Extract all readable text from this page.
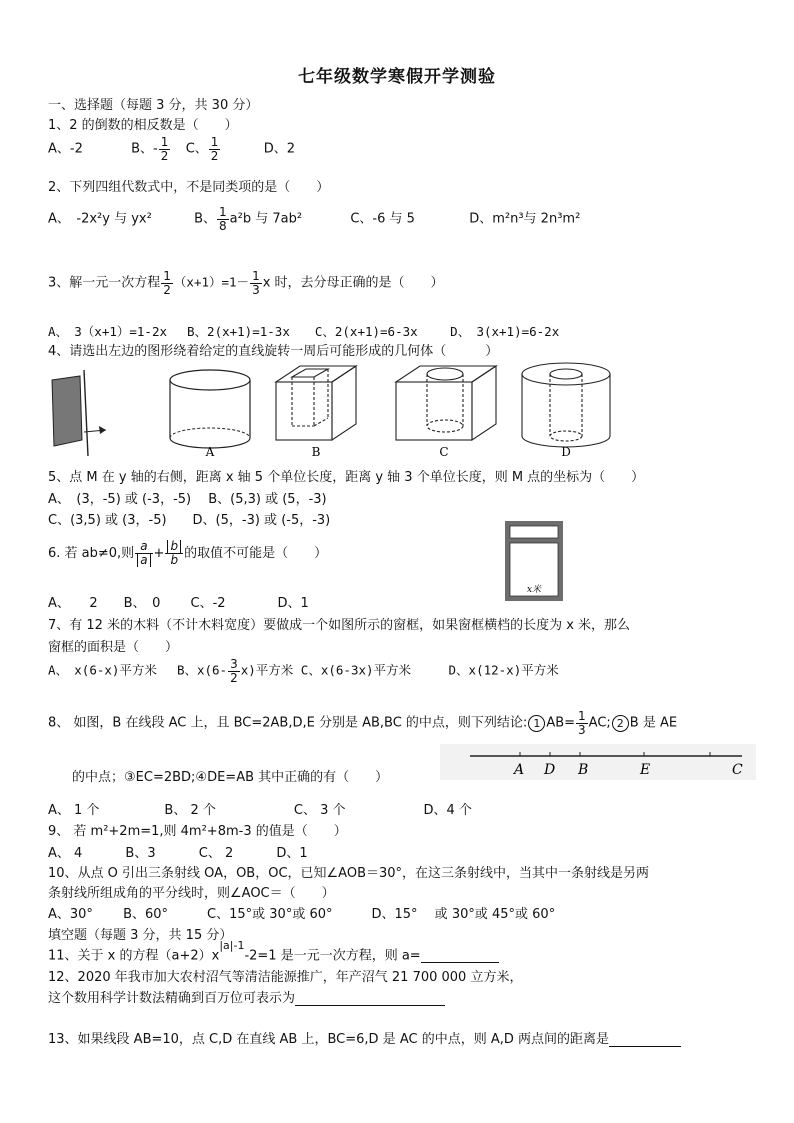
七年级数学寒假开学测验
一、选择题（每题 3 分，共 30 分）
1、2 的倒数的相反数是（　　）
A、-2	B、- $\frac{1}{2}$ C、 $\frac{1}{2}$	D、2
2、下列四组代数式中，不是同类项的是（　　）
A、　-2x²y 与 yx²	B、 $\frac{1}{8} a^2b$ 与 7ab²	C、-6 与 5	D、m²n³与 2n³m²
3、解一元一次方程 $\frac{1}{2} (x+1)=1- \frac{1}{3}$ x 时，去分母正确的是（　　）
A、　3（x+1）=1-2x　 B、2(x+1)=1-3x　　C、2(x+1)=6-3x　　 D、　3(x+1)=6-2x
4、请选出左边的图形绕着给定的直线旋转一周后可能形成的几何体（　　　）
A	B	C	D
5、点 M 在 y 轴的右侧，距离 x 轴 5 个单位长度，距离 y 轴 3 个单位长度，则 M 点的坐标为（　　）
A、　(3，-5) 或 (-3，-5)　 B、(5,3) 或 (5，-3)
C、(3,5) 或 (3，-5)　　D、(5，-3) 或 (-5，-3)
6. 若 ab≠0,则 $\frac{a}{a} + \frac{b}{b}$ 的取值不可能是（　　）
A、　　2　　B、　0　　 C、-2　　　　D、1
x米
7、有 12 米的木料（不计木料宽度）要做成一个如图所示的窗框，如果窗框横档的长度为 x 米，那么
窗框的面积是（　　）
A、　x(6-x)平方米　 B、$x(6- \frac{3}{2} x)$平方米 C、x(6-3x)平方米　　　D、x(12-x)平方米
8、 如图，B 在线段 AC 上，且 BC=2AB,D,E 分别是 AB,BC 的中点，则下列结论: 1 $AB= \frac{1}{3}$ AC; 2 B 是 AE
的中点；③EC=2BD;④DE=AB 其中正确的有（　　）	A D B	E	C
A、 1 个　　　　　B、 2 个　　　　　　C、 3 个　　　　　　D、4 个
9、 若 m²+2m=1,则 4m²+8m-3 的值是（　　）
A、 4　　　 B、3　　　 C、 2　　　 D、1
10、从点 O 引出三条射线 OA，OB，OC，已知∠AOB＝30°，在这三条射线中，当其中一条射线是另两
条射线所组成角的平分线时，则∠AOC＝（　　）
A、30°　　 B、60°　　　C、15°或 30°或 60°　　　D、15°　 或 30°或 45°或 60°
填空题（每题 3 分，共 15 分）
11、关于 x 的方程$(a+2)x^{|a|-1}-2=1$ 是一元一次方程，则 a=
12、2020 年我市加大农村沼气等清洁能源推广，年产沼气 21 700 000 立方米，
这个数用科学计数法精确到百万位可表示为
13、如果线段 AB=10，点 C,D 在直线 AB 上，BC=6,D 是 AC 的中点，则 A,D 两点间的距离是
